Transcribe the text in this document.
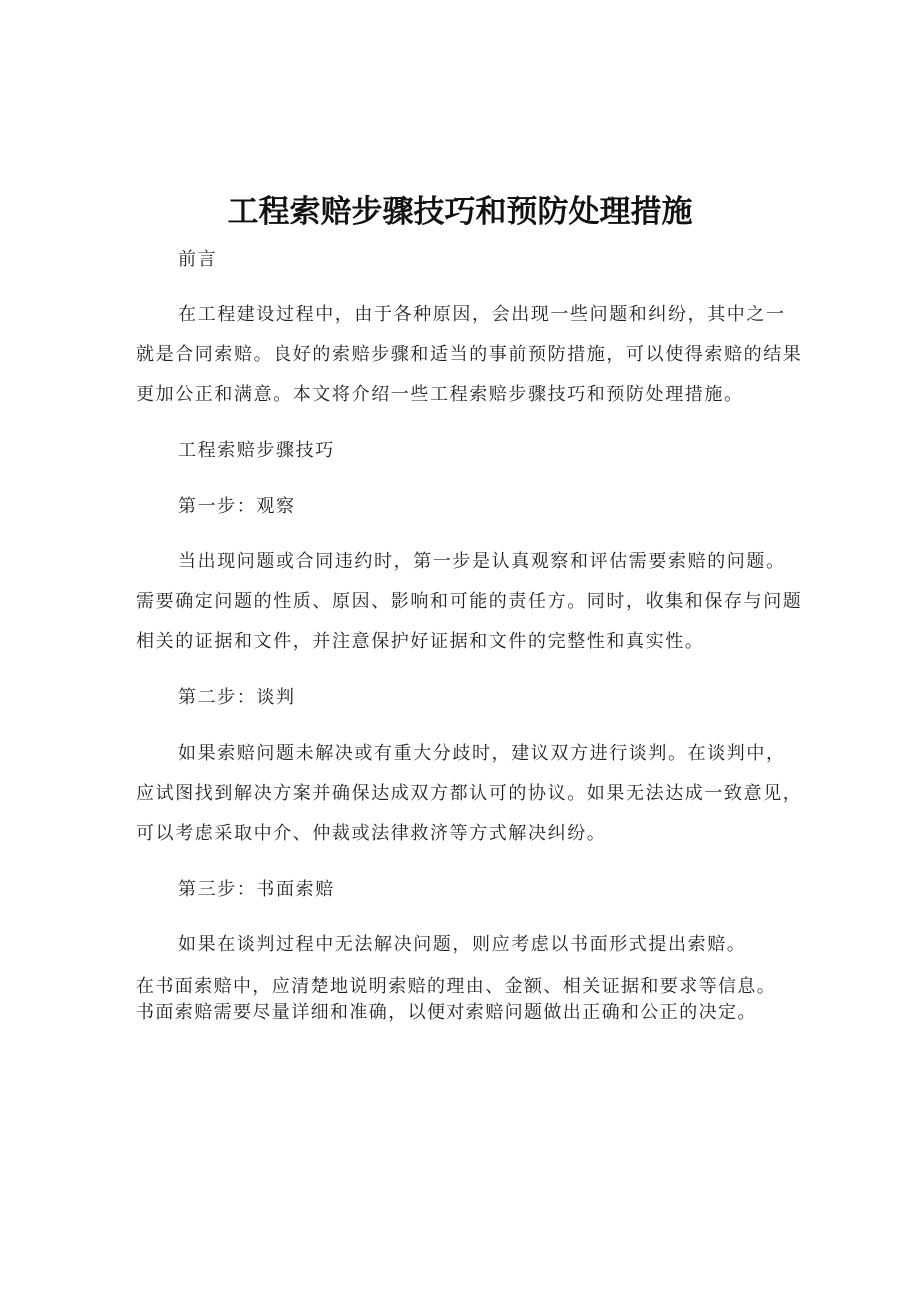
工程索赔步骤技巧和预防处理措施

前言

在工程建设过程中，由于各种原因，会出现一些问题和纠纷，其中之一就是合同索赔。良好的索赔步骤和适当的事前预防措施，可以使得索赔的结果更加公正和满意。本文将介绍一些工程索赔步骤技巧和预防处理措施。

工程索赔步骤技巧

第一步：观察

当出现问题或合同违约时，第一步是认真观察和评估需要索赔的问题。需要确定问题的性质、原因、影响和可能的责任方。同时，收集和保存与问题相关的证据和文件，并注意保护好证据和文件的完整性和真实性。

第二步：谈判

如果索赔问题未解决或有重大分歧时，建议双方进行谈判。在谈判中，应试图找到解决方案并确保达成双方都认可的协议。如果无法达成一致意见，可以考虑采取中介、仲裁或法律救济等方式解决纠纷。

第三步：书面索赔

如果在谈判过程中无法解决问题，则应考虑以书面形式提出索赔。

在书面索赔中，应清楚地说明索赔的理由、金额、相关证据和要求等信息。书面索赔需要尽量详细和准确，以便对索赔问题做出正确和公正的决定。
